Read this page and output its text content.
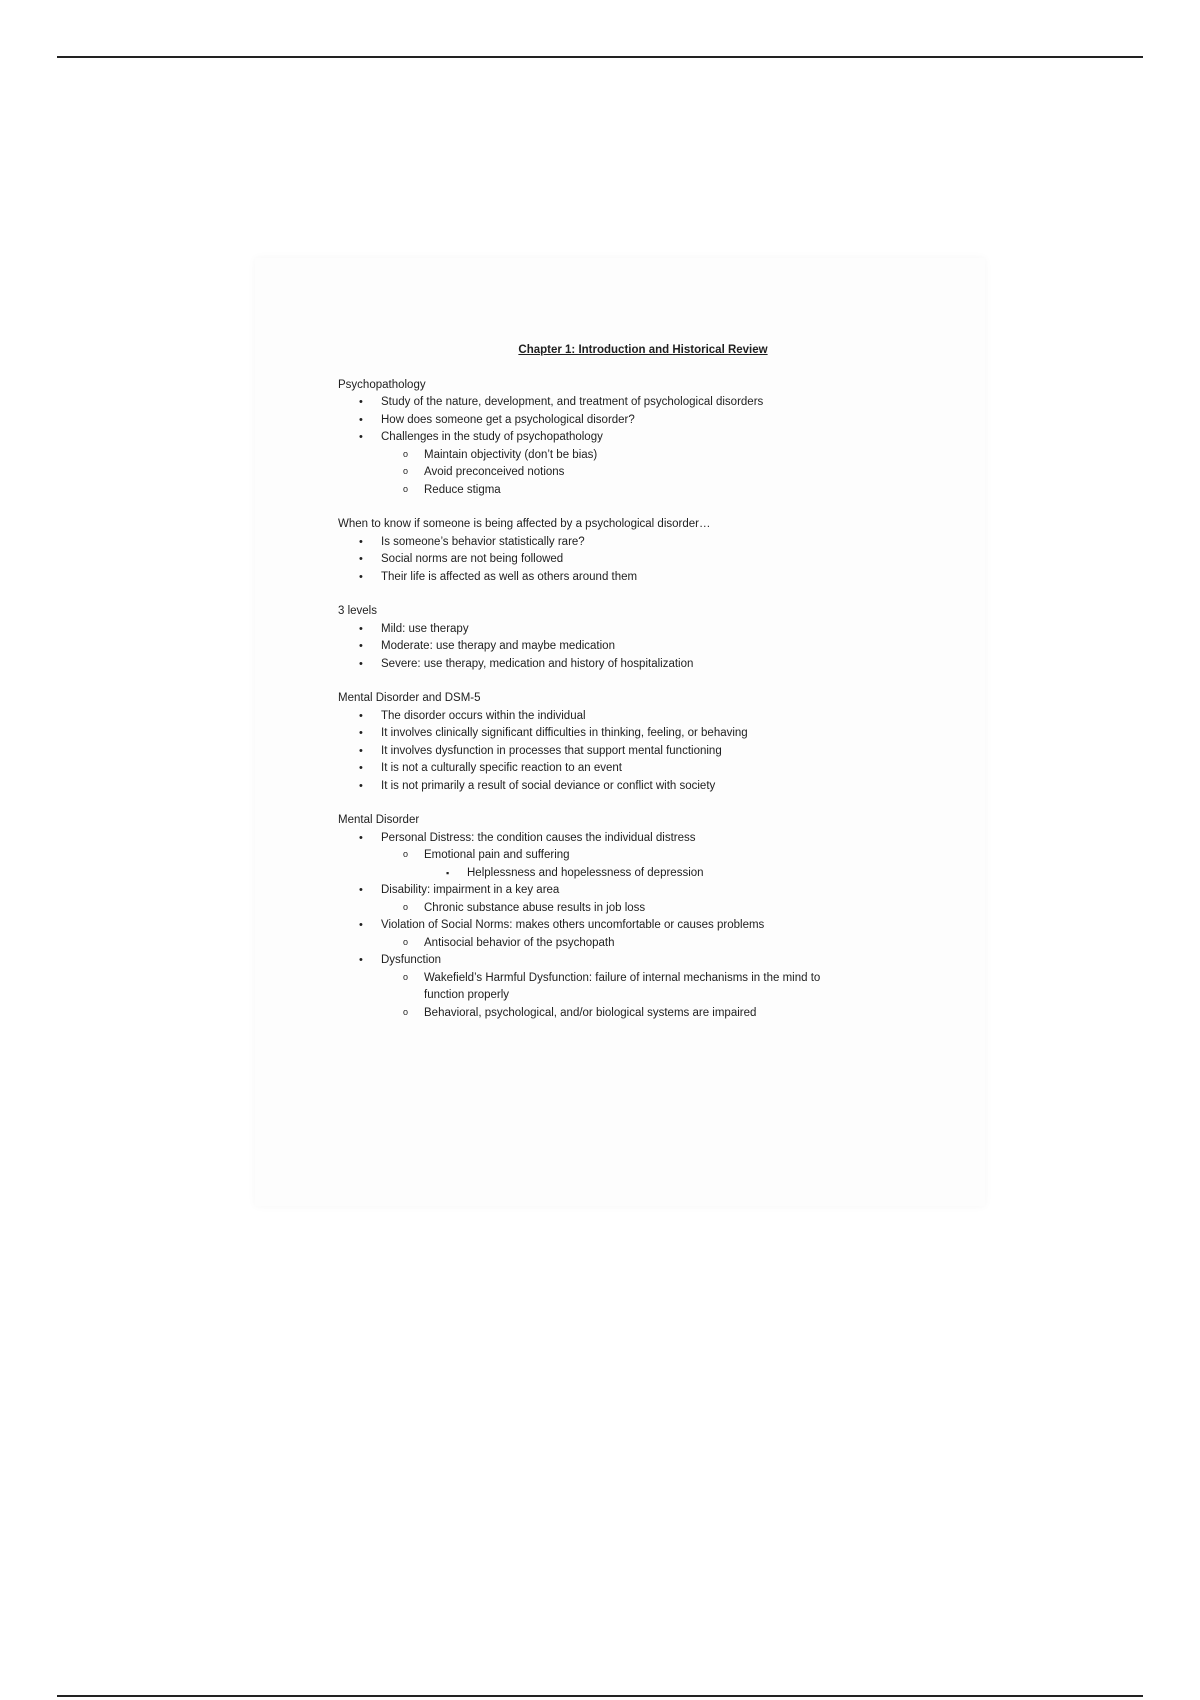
Chapter 1: Introduction and Historical Review

Psychopathology

• Study of the nature, development, and treatment of psychological disorders
• How does someone get a psychological disorder?
• Challenges in the study of psychopathology
o Maintain objectivity (don’t be bias)
o Avoid preconceived notions
o Reduce stigma

When to know if someone is being affected by a psychological disorder…

• Is someone’s behavior statistically rare?
• Social norms are not being followed
• Their life is affected as well as others around them

3 levels

• Mild: use therapy
• Moderate: use therapy and maybe medication
• Severe: use therapy, medication and history of hospitalization

Mental Disorder and DSM-5

• The disorder occurs within the individual
• It involves clinically significant difficulties in thinking, feeling, or behaving
• It involves dysfunction in processes that support mental functioning
• It is not a culturally specific reaction to an event
• It is not primarily a result of social deviance or conflict with society

Mental Disorder

• Personal Distress: the condition causes the individual distress
o Emotional pain and suffering
▪ Helplessness and hopelessness of depression
• Disability: impairment in a key area
o Chronic substance abuse results in job loss
• Violation of Social Norms: makes others uncomfortable or causes problems
o Antisocial behavior of the psychopath
• Dysfunction
o Wakefield’s Harmful Dysfunction: failure of internal mechanisms in the mind to
function properly
o Behavioral, psychological, and/or biological systems are impaired
